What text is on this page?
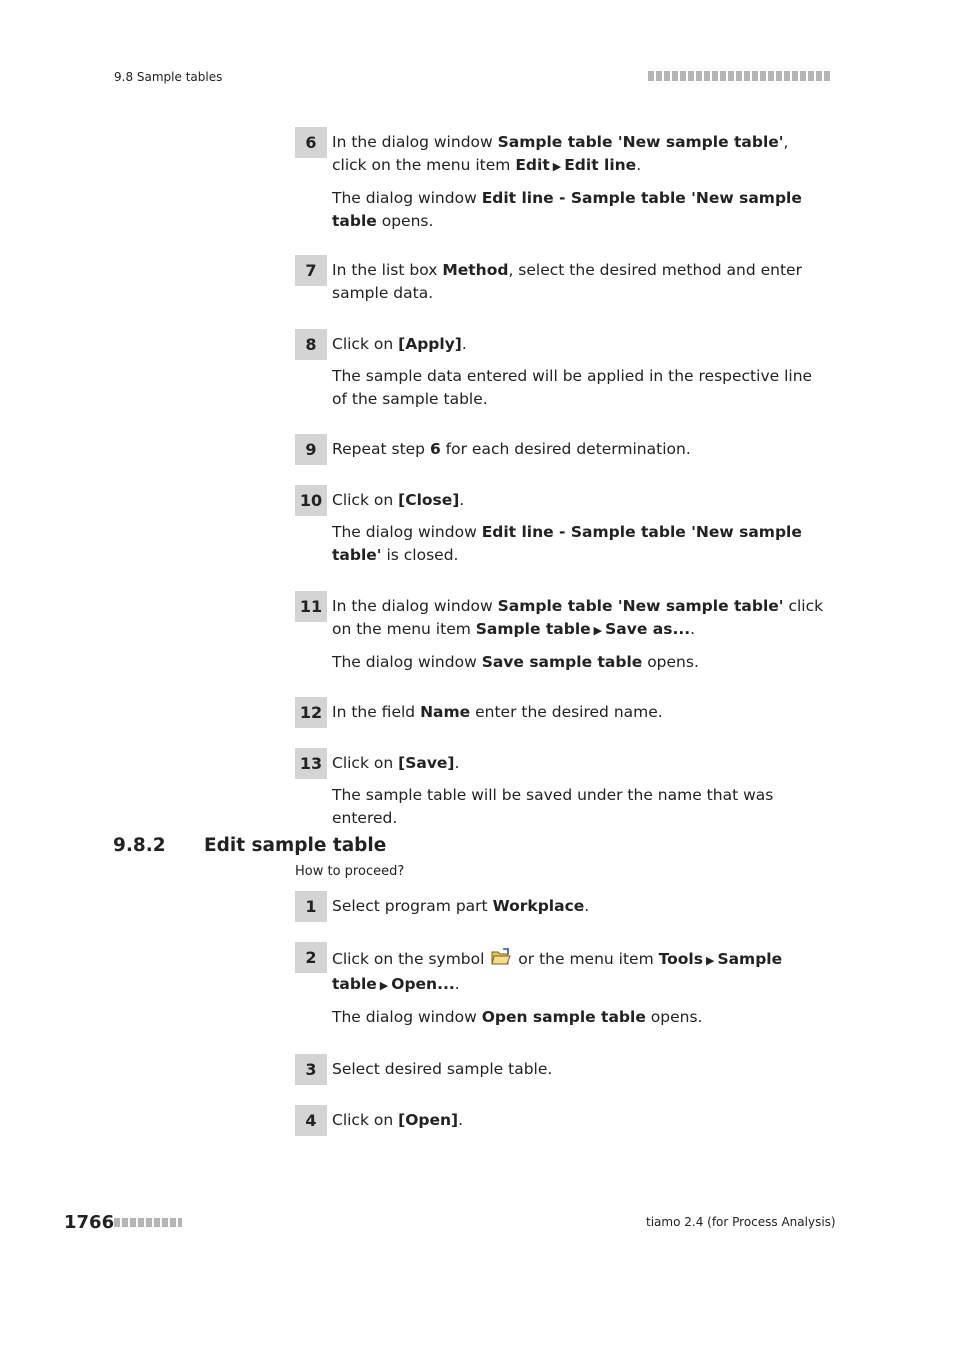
9.8 Sample tables
6 In the dialog window Sample table 'New sample table', click on the menu item Edit ▶ Edit line.
The dialog window Edit line - Sample table 'New sample table opens.
7 In the list box Method, select the desired method and enter sample data.
8 Click on [Apply].
The sample data entered will be applied in the respective line of the sample table.
9 Repeat step 6 for each desired determination.
10 Click on [Close].
The dialog window Edit line - Sample table 'New sample table' is closed.
11 In the dialog window Sample table 'New sample table' click on the menu item Sample table ▶ Save as....
The dialog window Save sample table opens.
12 In the field Name enter the desired name.
13 Click on [Save].
The sample table will be saved under the name that was entered.
9.8.2 Edit sample table
How to proceed?
1 Select program part Workplace.
2 Click on the symbol  or the menu item Tools ▶ Sample table ▶ Open....
The dialog window Open sample table opens.
3 Select desired sample table.
4 Click on [Open].
1766	tiamo 2.4 (for Process Analysis)
